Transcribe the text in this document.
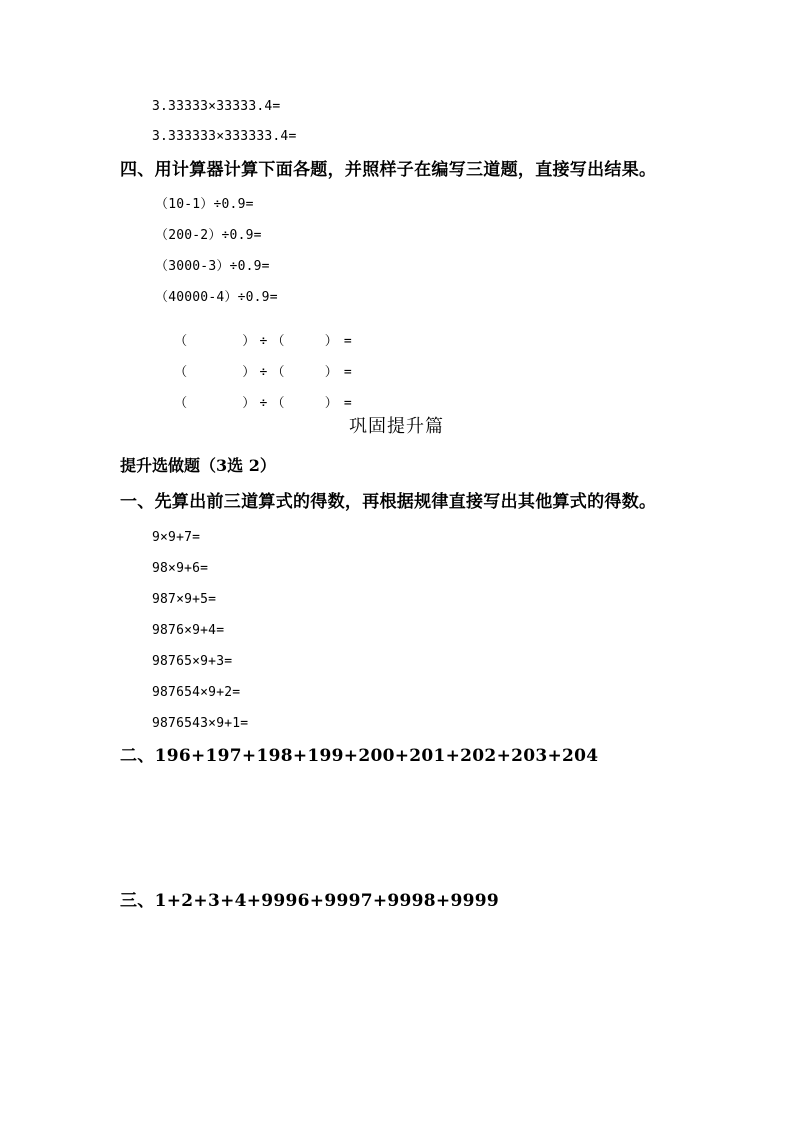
3.33333×33333.4=
3.333333×333333.4=
四、用计算器计算下面各题，并照样子在编写三道题，直接写出结果。
（10-1）÷0.9=
（200-2）÷0.9=
（3000-3）÷0.9=
（40000-4）÷0.9=

（	） ÷ （	） =

（	） ÷ （	） =

（	） ÷ （	） =

巩固提升篇
提升选做题（3选 2）
一、先算出前三道算式的得数，再根据规律直接写出其他算式的得数。
9×9+7=
98×9+6=
987×9+5=
9876×9+4=
98765×9+3=
987654×9+2=
9876543×9+1=
二、196+197+198+199+200+201+202+203+204
三、1+2+3+4+9996+9997+9998+9999
